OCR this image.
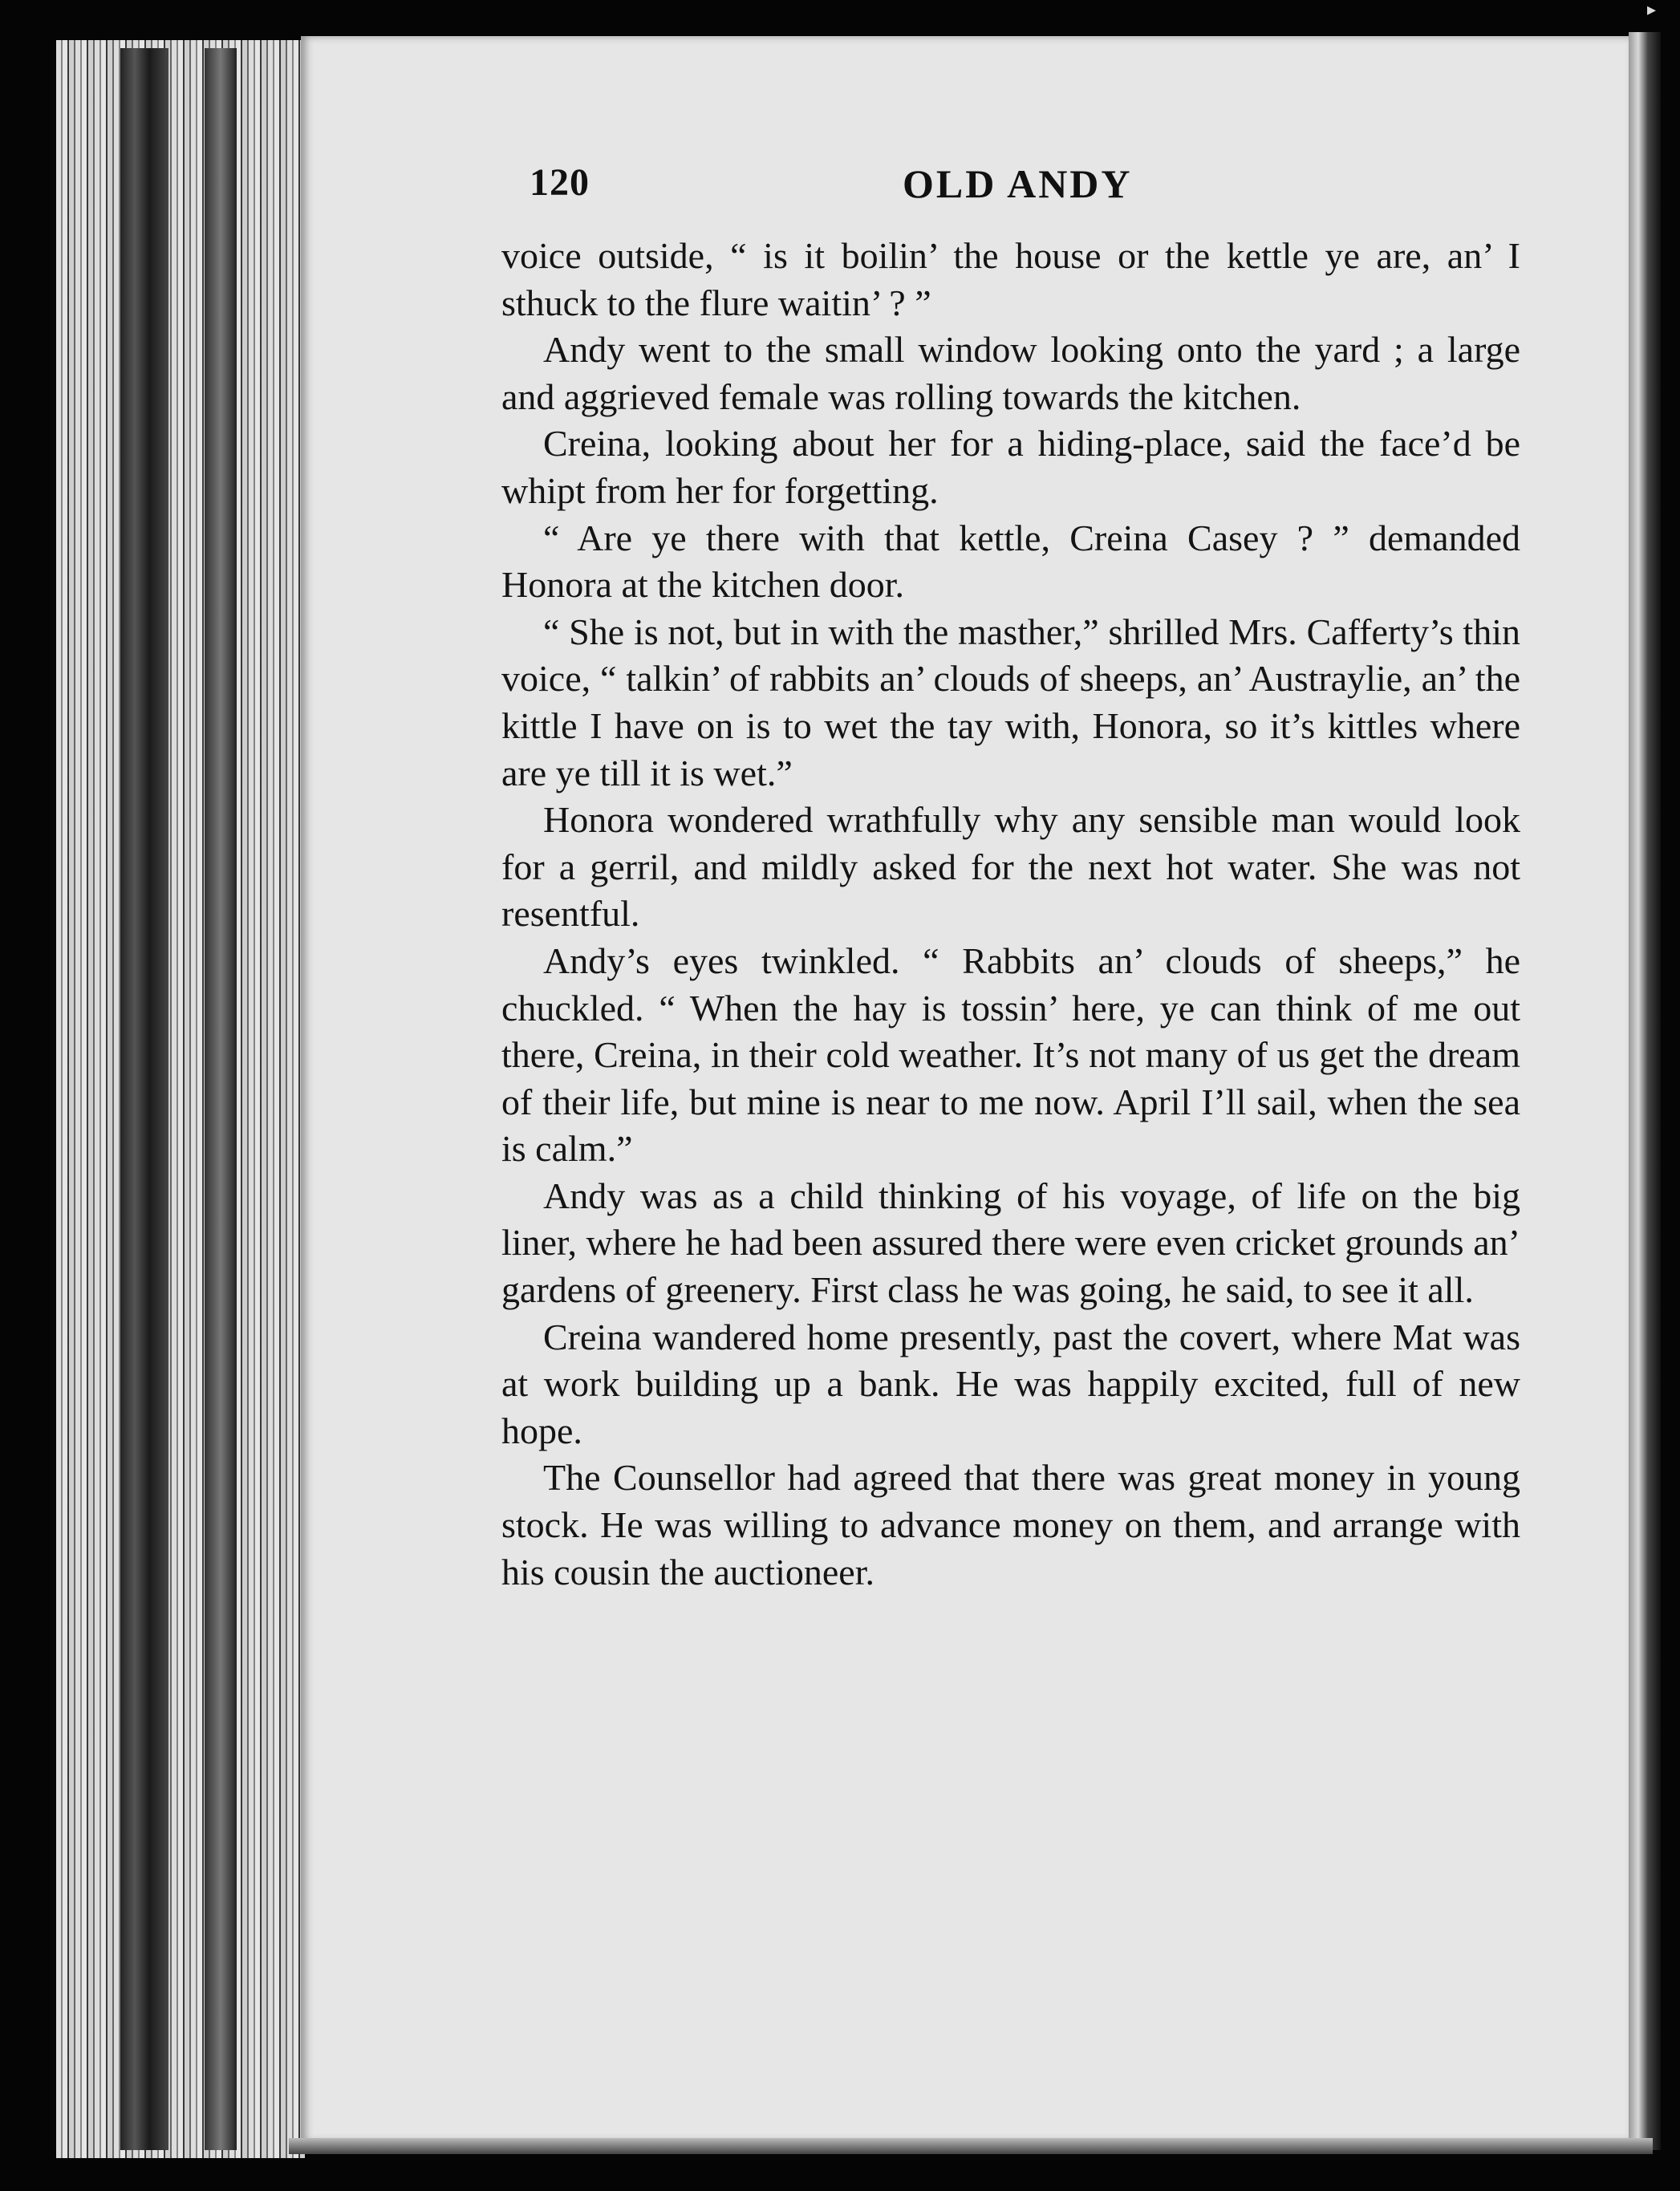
▸
120	OLD ANDY

voice outside, “ is it boilin’ the house or the kettle ye are, an’ I sthuck to the flure waitin’ ? ”

Andy went to the small window looking onto the yard ; a large and aggrieved female was rolling towards the kitchen.

Creina, looking about her for a hiding-place, said the face’d be whipt from her for forgetting.

“ Are ye there with that kettle, Creina Casey ? ” demanded Honora at the kitchen door.

“ She is not, but in with the masther,” shrilled Mrs. Cafferty’s thin voice, “ talkin’ of rabbits an’ clouds of sheeps, an’ Austraylie, an’ the kittle I have on is to wet the tay with, Honora, so it’s kittles where are ye till it is wet.”

Honora wondered wrathfully why any sensible man would look for a gerril, and mildly asked for the next hot water. She was not resentful.

Andy’s eyes twinkled. “ Rabbits an’ clouds of sheeps,” he chuckled. “ When the hay is tossin’ here, ye can think of me out there, Creina, in their cold weather. It’s not many of us get the dream of their life, but mine is near to me now. April I’ll sail, when the sea is calm.”

Andy was as a child thinking of his voyage, of life on the big liner, where he had been assured there were even cricket grounds an’ gardens of greenery. First class he was going, he said, to see it all.

Creina wandered home presently, past the covert, where Mat was at work building up a bank. He was happily excited, full of new hope.

The Counsellor had agreed that there was great money in young stock. He was willing to advance money on them, and arrange with his cousin the auctioneer.
